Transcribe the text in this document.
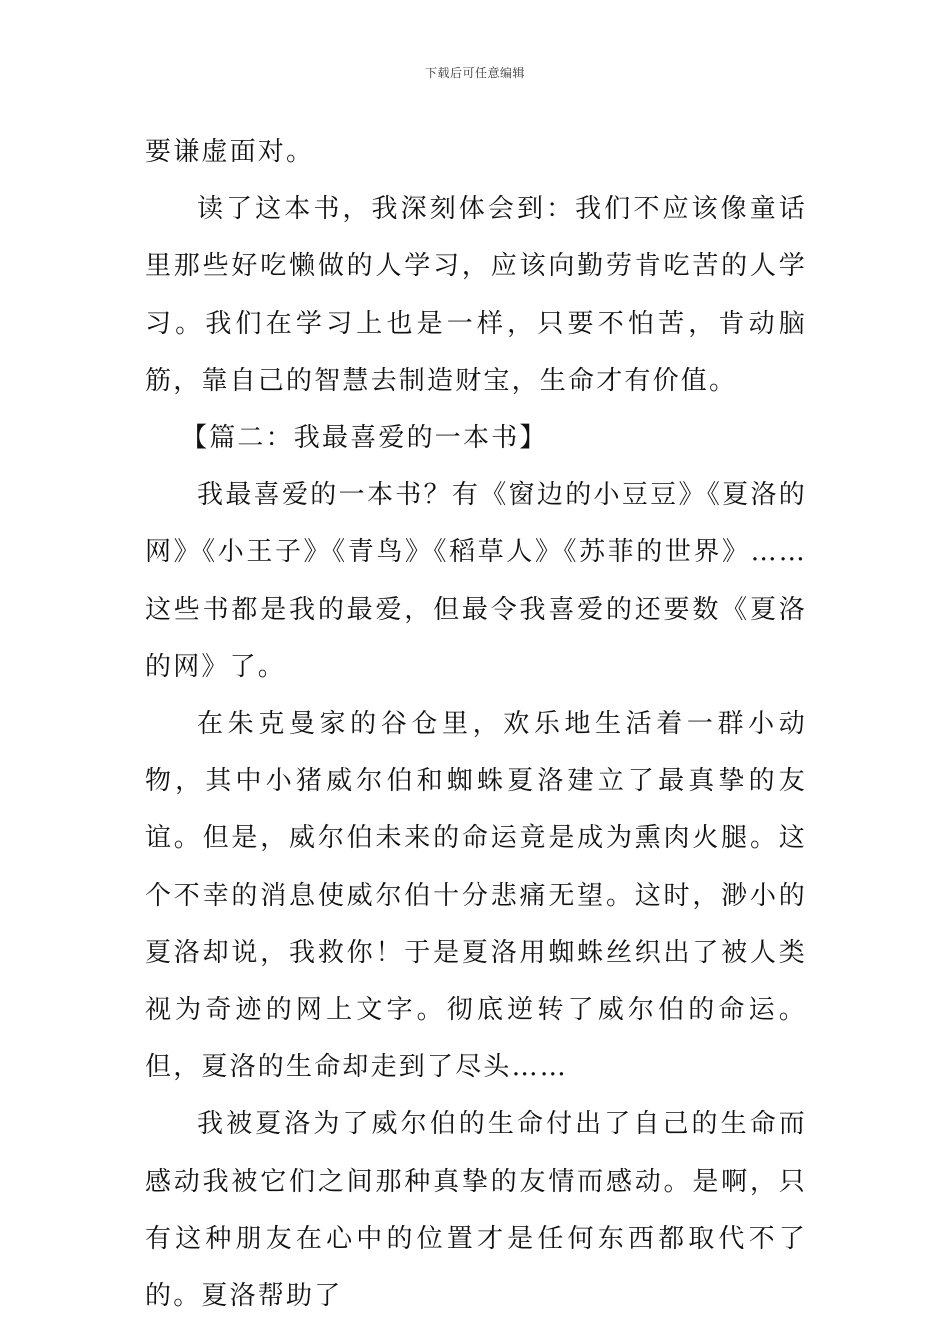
下载后可任意编辑

要谦虚面对。

读了这本书，我深刻体会到：我们不应该像童话里那些好吃懒做的人学习，应该向勤劳肯吃苦的人学习。我们在学习上也是一样，只要不怕苦，肯动脑筋，靠自己的智慧去制造财宝，生命才有价值。

【篇二：我最喜爱的一本书】

我最喜爱的一本书？有《窗边的小豆豆》《夏洛的网》《小王子》《青鸟》《稻草人》《苏菲的世界》……这些书都是我的最爱，但最令我喜爱的还要数《夏洛的网》了。

在朱克曼家的谷仓里，欢乐地生活着一群小动物，其中小猪威尔伯和蜘蛛夏洛建立了最真挚的友谊。但是，威尔伯未来的命运竟是成为熏肉火腿。这个不幸的消息使威尔伯十分悲痛无望。这时，渺小的夏洛却说，我救你！于是夏洛用蜘蛛丝织出了被人类视为奇迹的网上文字。彻底逆转了威尔伯的命运。但，夏洛的生命却走到了尽头……

我被夏洛为了威尔伯的生命付出了自己的生命而感动我被它们之间那种真挚的友情而感动。是啊，只有这种朋友在心中的位置才是任何东西都取代不了的。夏洛帮助了
